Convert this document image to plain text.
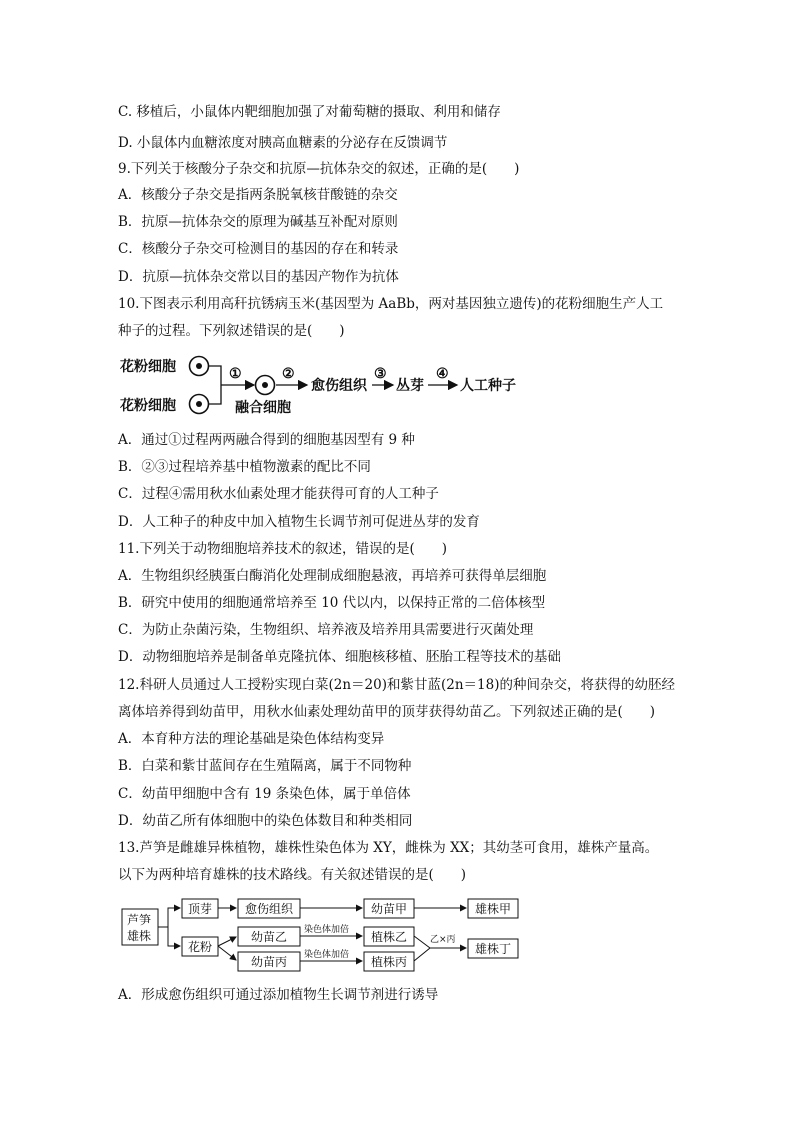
C. 移植后，小鼠体内靶细胞加强了对葡萄糖的摄取、利用和储存
D. 小鼠体内血糖浓度对胰高血糖素的分泌存在反馈调节
9.下列关于核酸分子杂交和抗原—抗体杂交的叙述，正确的是(　　)
A．核酸分子杂交是指两条脱氧核苷酸链的杂交
B．抗原—抗体杂交的原理为碱基互补配对原则
C．核酸分子杂交可检测目的基因的存在和转录
D．抗原—抗体杂交常以目的基因产物作为抗体
10.下图表示利用高秆抗锈病玉米(基因型为 AaBb，两对基因独立遗传)的花粉细胞生产人工
种子的过程。下列叙述错误的是(　　)
花粉细胞
花粉细胞
①
融合细胞
②
愈伤组织
③
丛芽
④
人工种子
A．通过①过程两两融合得到的细胞基因型有 9 种
B．②③过程培养基中植物激素的配比不同
C．过程④需用秋水仙素处理才能获得可育的人工种子
D．人工种子的种皮中加入植物生长调节剂可促进丛芽的发育
11.下列关于动物细胞培养技术的叙述，错误的是(　　)
A．生物组织经胰蛋白酶消化处理制成细胞悬液，再培养可获得单层细胞
B．研究中使用的细胞通常培养至 10 代以内，以保持正常的二倍体核型
C．为防止杂菌污染，生物组织、培养液及培养用具需要进行灭菌处理
D．动物细胞培养是制备单克隆抗体、细胞核移植、胚胎工程等技术的基础
12.科研人员通过人工授粉实现白菜(2n＝20)和紫甘蓝(2n＝18)的种间杂交，将获得的幼胚经
离体培养得到幼苗甲，用秋水仙素处理幼苗甲的顶芽获得幼苗乙。下列叙述正确的是(　　)
A．本育种方法的理论基础是染色体结构变异
B．白菜和紫甘蓝间存在生殖隔离，属于不同物种
C．幼苗甲细胞中含有 19 条染色体，属于单倍体
D．幼苗乙所有体细胞中的染色体数目和种类相同
13.芦笋是雌雄异株植物，雄株性染色体为 XY，雌株为 XX；其幼茎可食用，雄株产量高。
以下为两种培育雄株的技术路线。有关叙述错误的是(　　)
芦笋
雄株
顶芽	愈伤组织	幼苗甲	雄株甲
花粉
幼苗乙
幼苗丙
染色体加倍
染色体加倍
植株乙
植株丙
乙×丙
雄株丁
A．形成愈伤组织可通过添加植物生长调节剂进行诱导
